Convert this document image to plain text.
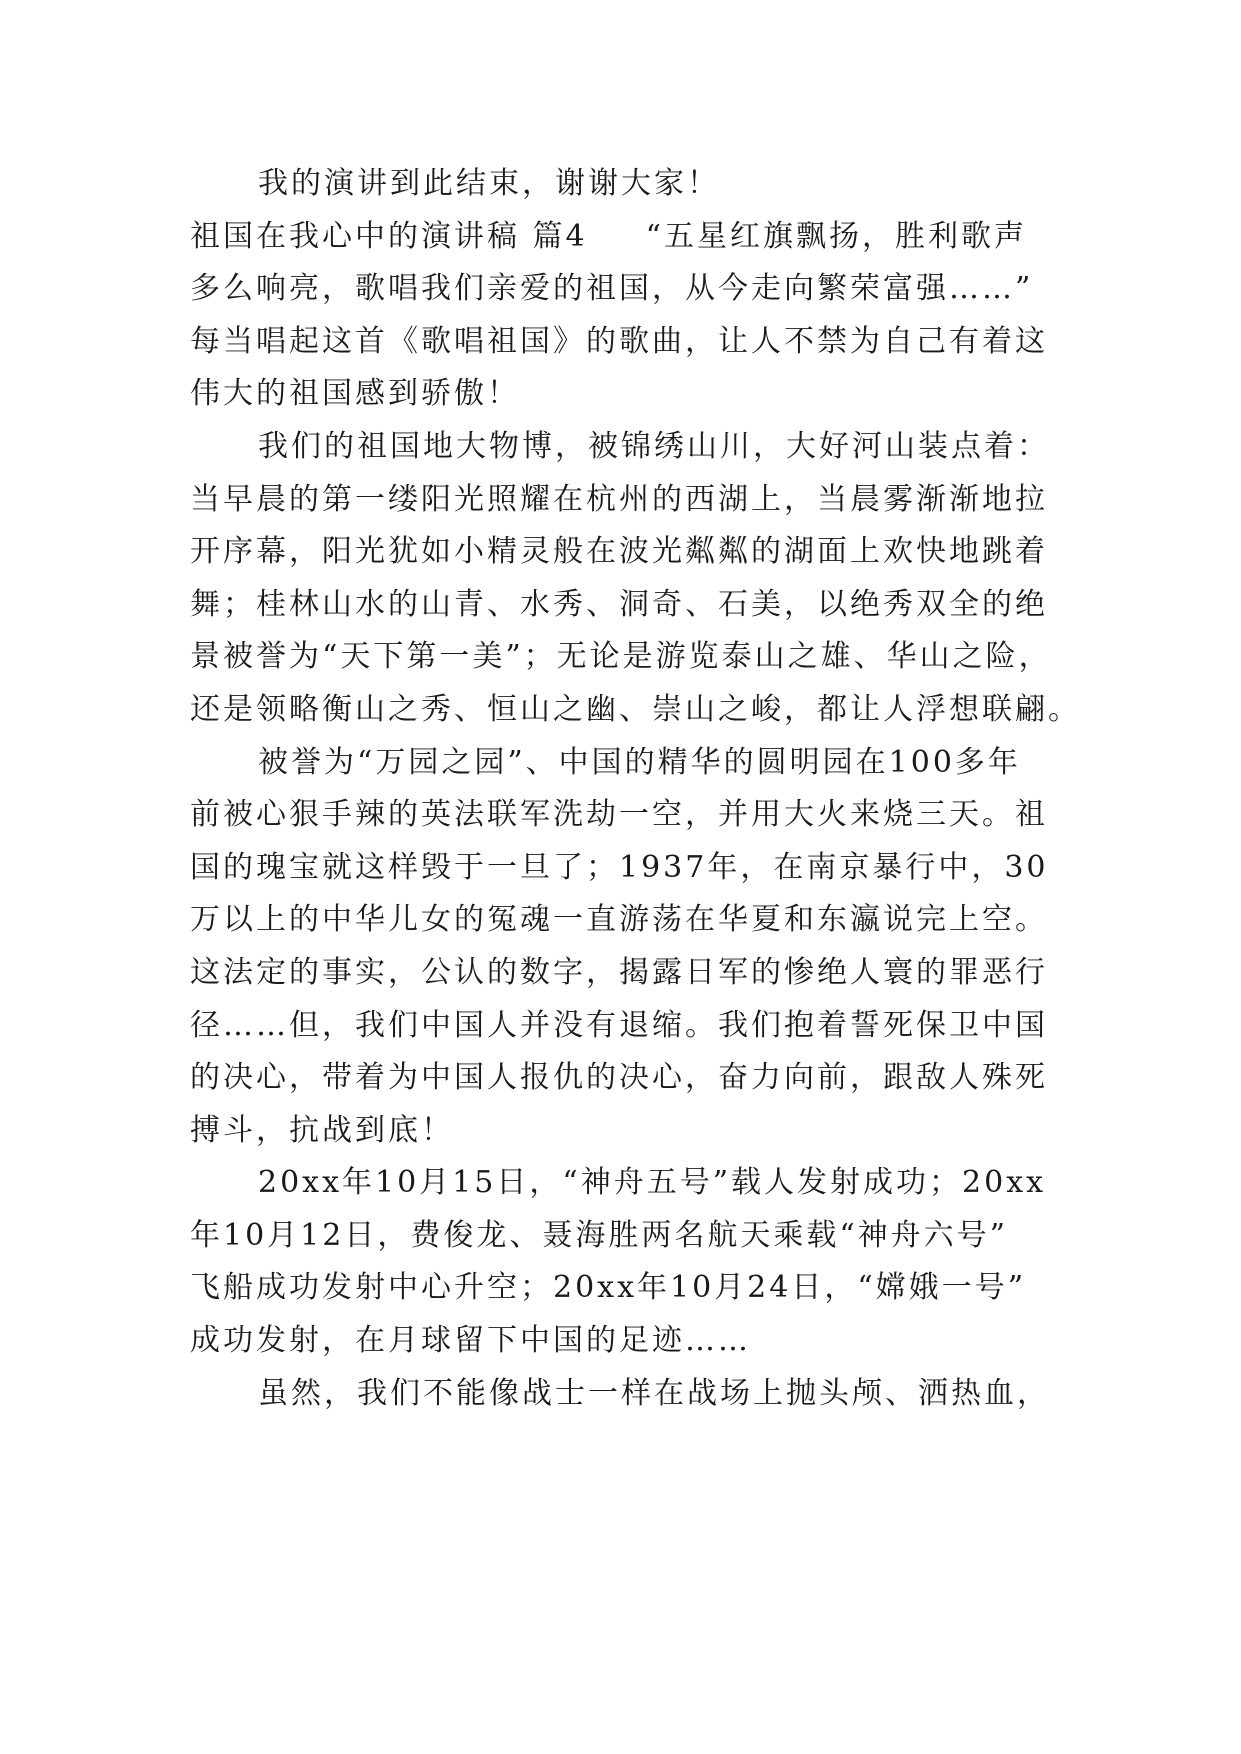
我的演讲到此结束，谢谢大家！
祖国在我心中的演讲稿 篇4 “五星红旗飘扬，胜利歌声
多么响亮，歌唱我们亲爱的祖国，从今走向繁荣富强……”
每当唱起这首《歌唱祖国》的歌曲，让人不禁为自己有着这
伟大的祖国感到骄傲！
我们的祖国地大物博，被锦绣山川，大好河山装点着：
当早晨的第一缕阳光照耀在杭州的西湖上，当晨雾渐渐地拉
开序幕，阳光犹如小精灵般在波光粼粼的湖面上欢快地跳着
舞；桂林山水的山青、水秀、洞奇、石美，以绝秀双全的绝
景被誉为“天下第一美”；无论是游览泰山之雄、华山之险，
还是领略衡山之秀、恒山之幽、崇山之峻，都让人浮想联翩。
被誉为“万园之园”、中国的精华的圆明园在100多年
前被心狠手辣的英法联军洗劫一空，并用大火来烧三天。祖
国的瑰宝就这样毁于一旦了；1937年，在南京暴行中，30
万以上的中华儿女的冤魂一直游荡在华夏和东瀛说完上空。
这法定的事实，公认的数字，揭露日军的惨绝人寰的罪恶行
径……但，我们中国人并没有退缩。我们抱着誓死保卫中国
的决心，带着为中国人报仇的决心，奋力向前，跟敌人殊死
搏斗，抗战到底！
20xx年10月15日，“神舟五号”载人发射成功；20xx
年10月12日，费俊龙、聂海胜两名航天乘载“神舟六号”
飞船成功发射中心升空；20xx年10月24日，“嫦娥一号”
成功发射，在月球留下中国的足迹……
虽然，我们不能像战士一样在战场上抛头颅、洒热血，
